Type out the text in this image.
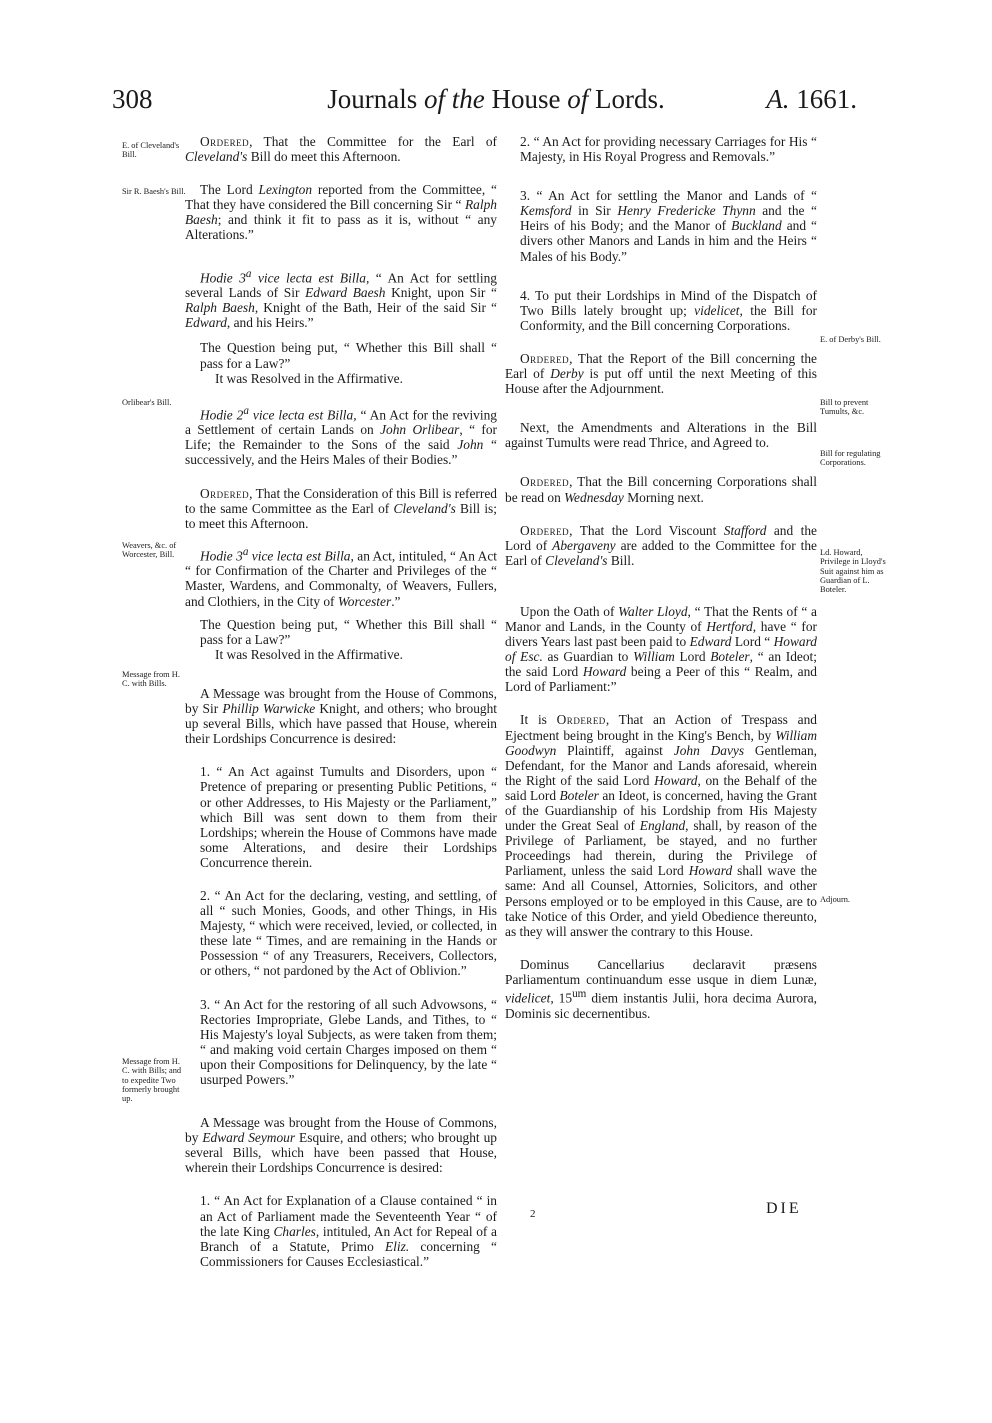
308	Journals of the House of Lords.	A. 1661.
E. of Cleveland's Bill.
Sir R. Baesh's Bill.
Orlibear's Bill.
Weavers, &c. of Worcester, Bill.
Message from H. C. with Bills.
Message from H. C. with Bills; and to expedite Two formerly brought up.
E. of Derby's Bill.
Bill to prevent Tumults, &c.
Bill for regulating Corporations.
Ld. Howard, Privilege in Lloyd's Suit against him as Guardian of L. Boteler.
Adjourn.

Ordered, That the Committee for the Earl of Cleveland's Bill do meet this Afternoon.

The Lord Lexington reported from the Committee, “ That they have considered the Bill concerning Sir “ Ralph Baesh; and think it fit to pass as it is, without “ any Alterations.”

Hodie 3$^a$ vice lecta est Billa, “ An Act for settling several Lands of Sir Edward Baesh Knight, upon Sir “ Ralph Baesh, Knight of the Bath, Heir of the said Sir “ Edward, and his Heirs.”

The Question being put, “ Whether this Bill shall “ pass for a Law?”

It was Resolved in the Affirmative.

Hodie 2$^a$ vice lecta est Billa, “ An Act for the reviving a Settlement of certain Lands on John Orlibear, “ for Life; the Remainder to the Sons of the said John “ successively, and the Heirs Males of their Bodies.”

Ordered, That the Consideration of this Bill is referred to the same Committee as the Earl of Cleveland's Bill is; to meet this Afternoon.

Hodie 3$^a$ vice lecta est Billa, an Act, intituled, “ An Act “ for Confirmation of the Charter and Privileges of the “ Master, Wardens, and Commonalty, of Weavers, Fullers, and Clothiers, in the City of Worcester.”

The Question being put, “ Whether this Bill shall “ pass for a Law?”

It was Resolved in the Affirmative.

A Message was brought from the House of Commons, by Sir Phillip Warwicke Knight, and others; who brought up several Bills, which have passed that House, wherein their Lordships Concurrence is desired:

1. “ An Act against Tumults and Disorders, upon “ Pretence of preparing or presenting Public Petitions, “ or other Addresses, to His Majesty or the Parliament,” which Bill was sent down to them from their Lordships; wherein the House of Commons have made some Alterations, and desire their Lordships Concurrence therein.

2. “ An Act for the declaring, vesting, and settling, of all “ such Monies, Goods, and other Things, in His Majesty, “ which were received, levied, or collected, in these late “ Times, and are remaining in the Hands or Possession “ of any Treasurers, Receivers, Collectors, or others, “ not pardoned by the Act of Oblivion.”

3. “ An Act for the restoring of all such Advowsons, “ Rectories Impropriate, Glebe Lands, and Tithes, to “ His Majesty's loyal Subjects, as were taken from them; “ and making void certain Charges imposed on them “ upon their Compositions for Delinquency, by the late “ usurped Powers.”

A Message was brought from the House of Commons, by Edward Seymour Esquire, and others; who brought up several Bills, which have been passed that House, wherein their Lordships Concurrence is desired:

1. “ An Act for Explanation of a Clause contained “ in an Act of Parliament made the Seventeenth Year “ of the late King Charles, intituled, An Act for Repeal of a Branch of a Statute, Primo Eliz. concerning “ Commissioners for Causes Ecclesiastical.”

2. “ An Act for providing necessary Carriages for His “ Majesty, in His Royal Progress and Removals.”

3. “ An Act for settling the Manor and Lands of “ Kemsford in Sir Henry Fredericke Thynn and the “ Heirs of his Body; and the Manor of Buckland and “ divers other Manors and Lands in him and the Heirs “ Males of his Body.”

4. To put their Lordships in Mind of the Dispatch of Two Bills lately brought up; videlicet, the Bill for Conformity, and the Bill concerning Corporations.

Ordered, That the Report of the Bill concerning the Earl of Derby is put off until the next Meeting of this House after the Adjournment.

Next, the Amendments and Alterations in the Bill against Tumults were read Thrice, and Agreed to.

Ordered, That the Bill concerning Corporations shall be read on Wednesday Morning next.

Ordered, That the Lord Viscount Stafford and the Lord of Abergaveny are added to the Committee for the Earl of Cleveland's Bill.

Upon the Oath of Walter Lloyd, “ That the Rents of “ a Manor and Lands, in the County of Hertford, have “ for divers Years last past been paid to Edward Lord “ Howard of Esc. as Guardian to William Lord Boteler, “ an Ideot; the said Lord Howard being a Peer of this “ Realm, and Lord of Parliament:”

It is Ordered, That an Action of Trespass and Ejectment being brought in the King's Bench, by William Goodwyn Plaintiff, against John Davys Gentleman, Defendant, for the Manor and Lands aforesaid, wherein the Right of the said Lord Howard, on the Behalf of the said Lord Boteler an Ideot, is concerned, having the Grant of the Guardianship of his Lordship from His Majesty under the Great Seal of England, shall, by reason of the Privilege of Parliament, be stayed, and no further Proceedings had therein, during the Privilege of Parliament, unless the said Lord Howard shall wave the same: And all Counsel, Attornies, Solicitors, and other Persons employed or to be employed in this Cause, are to take Notice of this Order, and yield Obedience thereunto, as they will answer the contrary to this House.

Dominus Cancellarius declaravit præsens Parliamentum continuandum esse usque in diem Lunæ, videlicet, $15^{um}$ diem instantis Julii, hora decima Aurora, Dominis sic decernentibus.

2	DIE
